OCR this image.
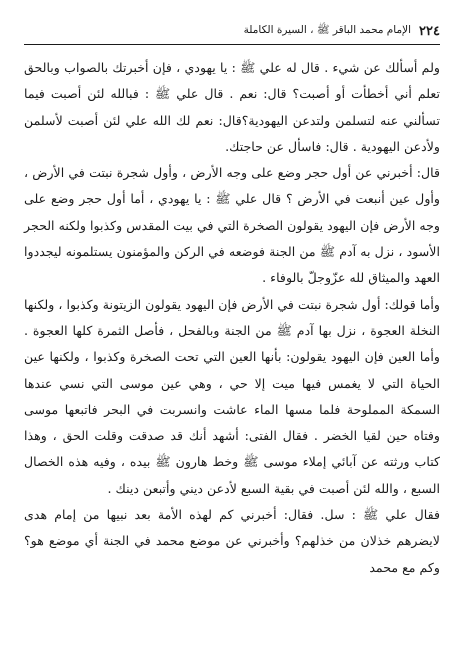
٢٢٤
الإمام محمد الباقر ﷺ ، السيرة الكاملة

ولم أسألك عن شيء . قال له علي ﷺ : يا يهودي ، فإن أخبرتك بالصواب وبالحق تعلم أني أخطأت أو أصبت؟ قال: نعم . قال علي ﷺ : فبالله لئن أصبت فيما تسألني عنه لتسلمن ولتدعن اليهودية؟قال: نعم لك الله علي لئن أصبت لأسلمن ولأدعن اليهودية . قال: فاسأل عن حاجتك.

قال: أخبرني عن أول حجر وضع على وجه الأرض ، وأول شجرة نبتت في الأرض ، وأول عين أنبعت في الأرض ؟ قال علي ﷺ : يا يهودي ، أما أول حجر وضع على وجه الأرض فإن اليهود يقولون الصخرة التي في بيت المقدس وكذبوا ولكنه الحجر الأسود ، نزل به آدم ﷺ من الجنة فوضعه في الركن والمؤمنون يستلمونه ليجددوا العهد والميثاق لله عزّوجلّ بالوفاء .

وأما قولك: أول شجرة نبتت في الأرض فإن اليهود يقولون الزيتونة وكذبوا ، ولكنها النخلة العجوة ، نزل بها آدم ﷺ من الجنة وبالفحل ، فأصل الثمرة كلها العجوة . وأما العين فإن اليهود يقولون: بأنها العين التي تحت الصخرة وكذبوا ، ولكنها عين الحياة التي لا يغمس فيها ميت إلا حي ، وهي عين موسى التي نسي عندها السمكة المملوحة فلما مسها الماء عاشت وانسربت في البحر فاتبعها موسى وفتاه حين لقيا الخضر . فقال الفتى: أشهد أنك قد صدقت وقلت الحق ، وهذا كتاب ورثته عن آبائي إملاء موسى ﷺ وخط هارون ﷺ بيده ، وفيه هذه الخصال السبع ، والله لئن أصبت في بقية السبع لأدعن ديني وأتبعن دينك .

فقال علي ﷺ : سل. فقال: أخبرني كم لهذه الأمة بعد نبيها من إمام هدى لايضرهم خذلان من خذلهم؟ وأخبرني عن موضع محمد في الجنة أي موضع هو؟ وكم مع محمد
